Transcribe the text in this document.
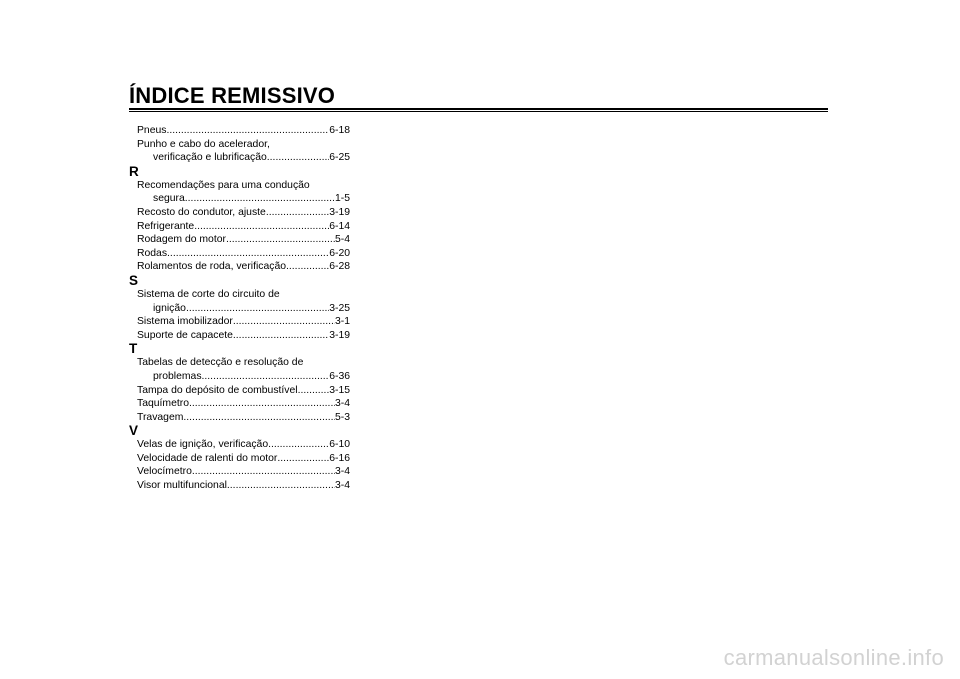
ÍNDICE REMISSIVO
Pneus .....	6-18
Punho e cabo do acelerador,
verificação e lubrificação .....	6-25
R
Recomendações para uma condução
segura .....	1-5
Recosto do condutor, ajuste .....	3-19
Refrigerante .....	6-14
Rodagem do motor .....	5-4
Rodas .....	6-20
Rolamentos de roda, verificação .....	6-28
S
Sistema de corte do circuito de
ignição .....	3-25
Sistema imobilizador .....	3-1
Suporte de capacete .....	3-19
T
Tabelas de detecção e resolução de
problemas .....	6-36
Tampa do depósito de combustível .....	3-15
Taquímetro .....	3-4
Travagem .....	5-3
V
Velas de ignição, verificação .....	6-10
Velocidade de ralenti do motor .....	6-16
Velocímetro .....	3-4
Visor multifuncional .....	3-4
carmanualsonline.info
